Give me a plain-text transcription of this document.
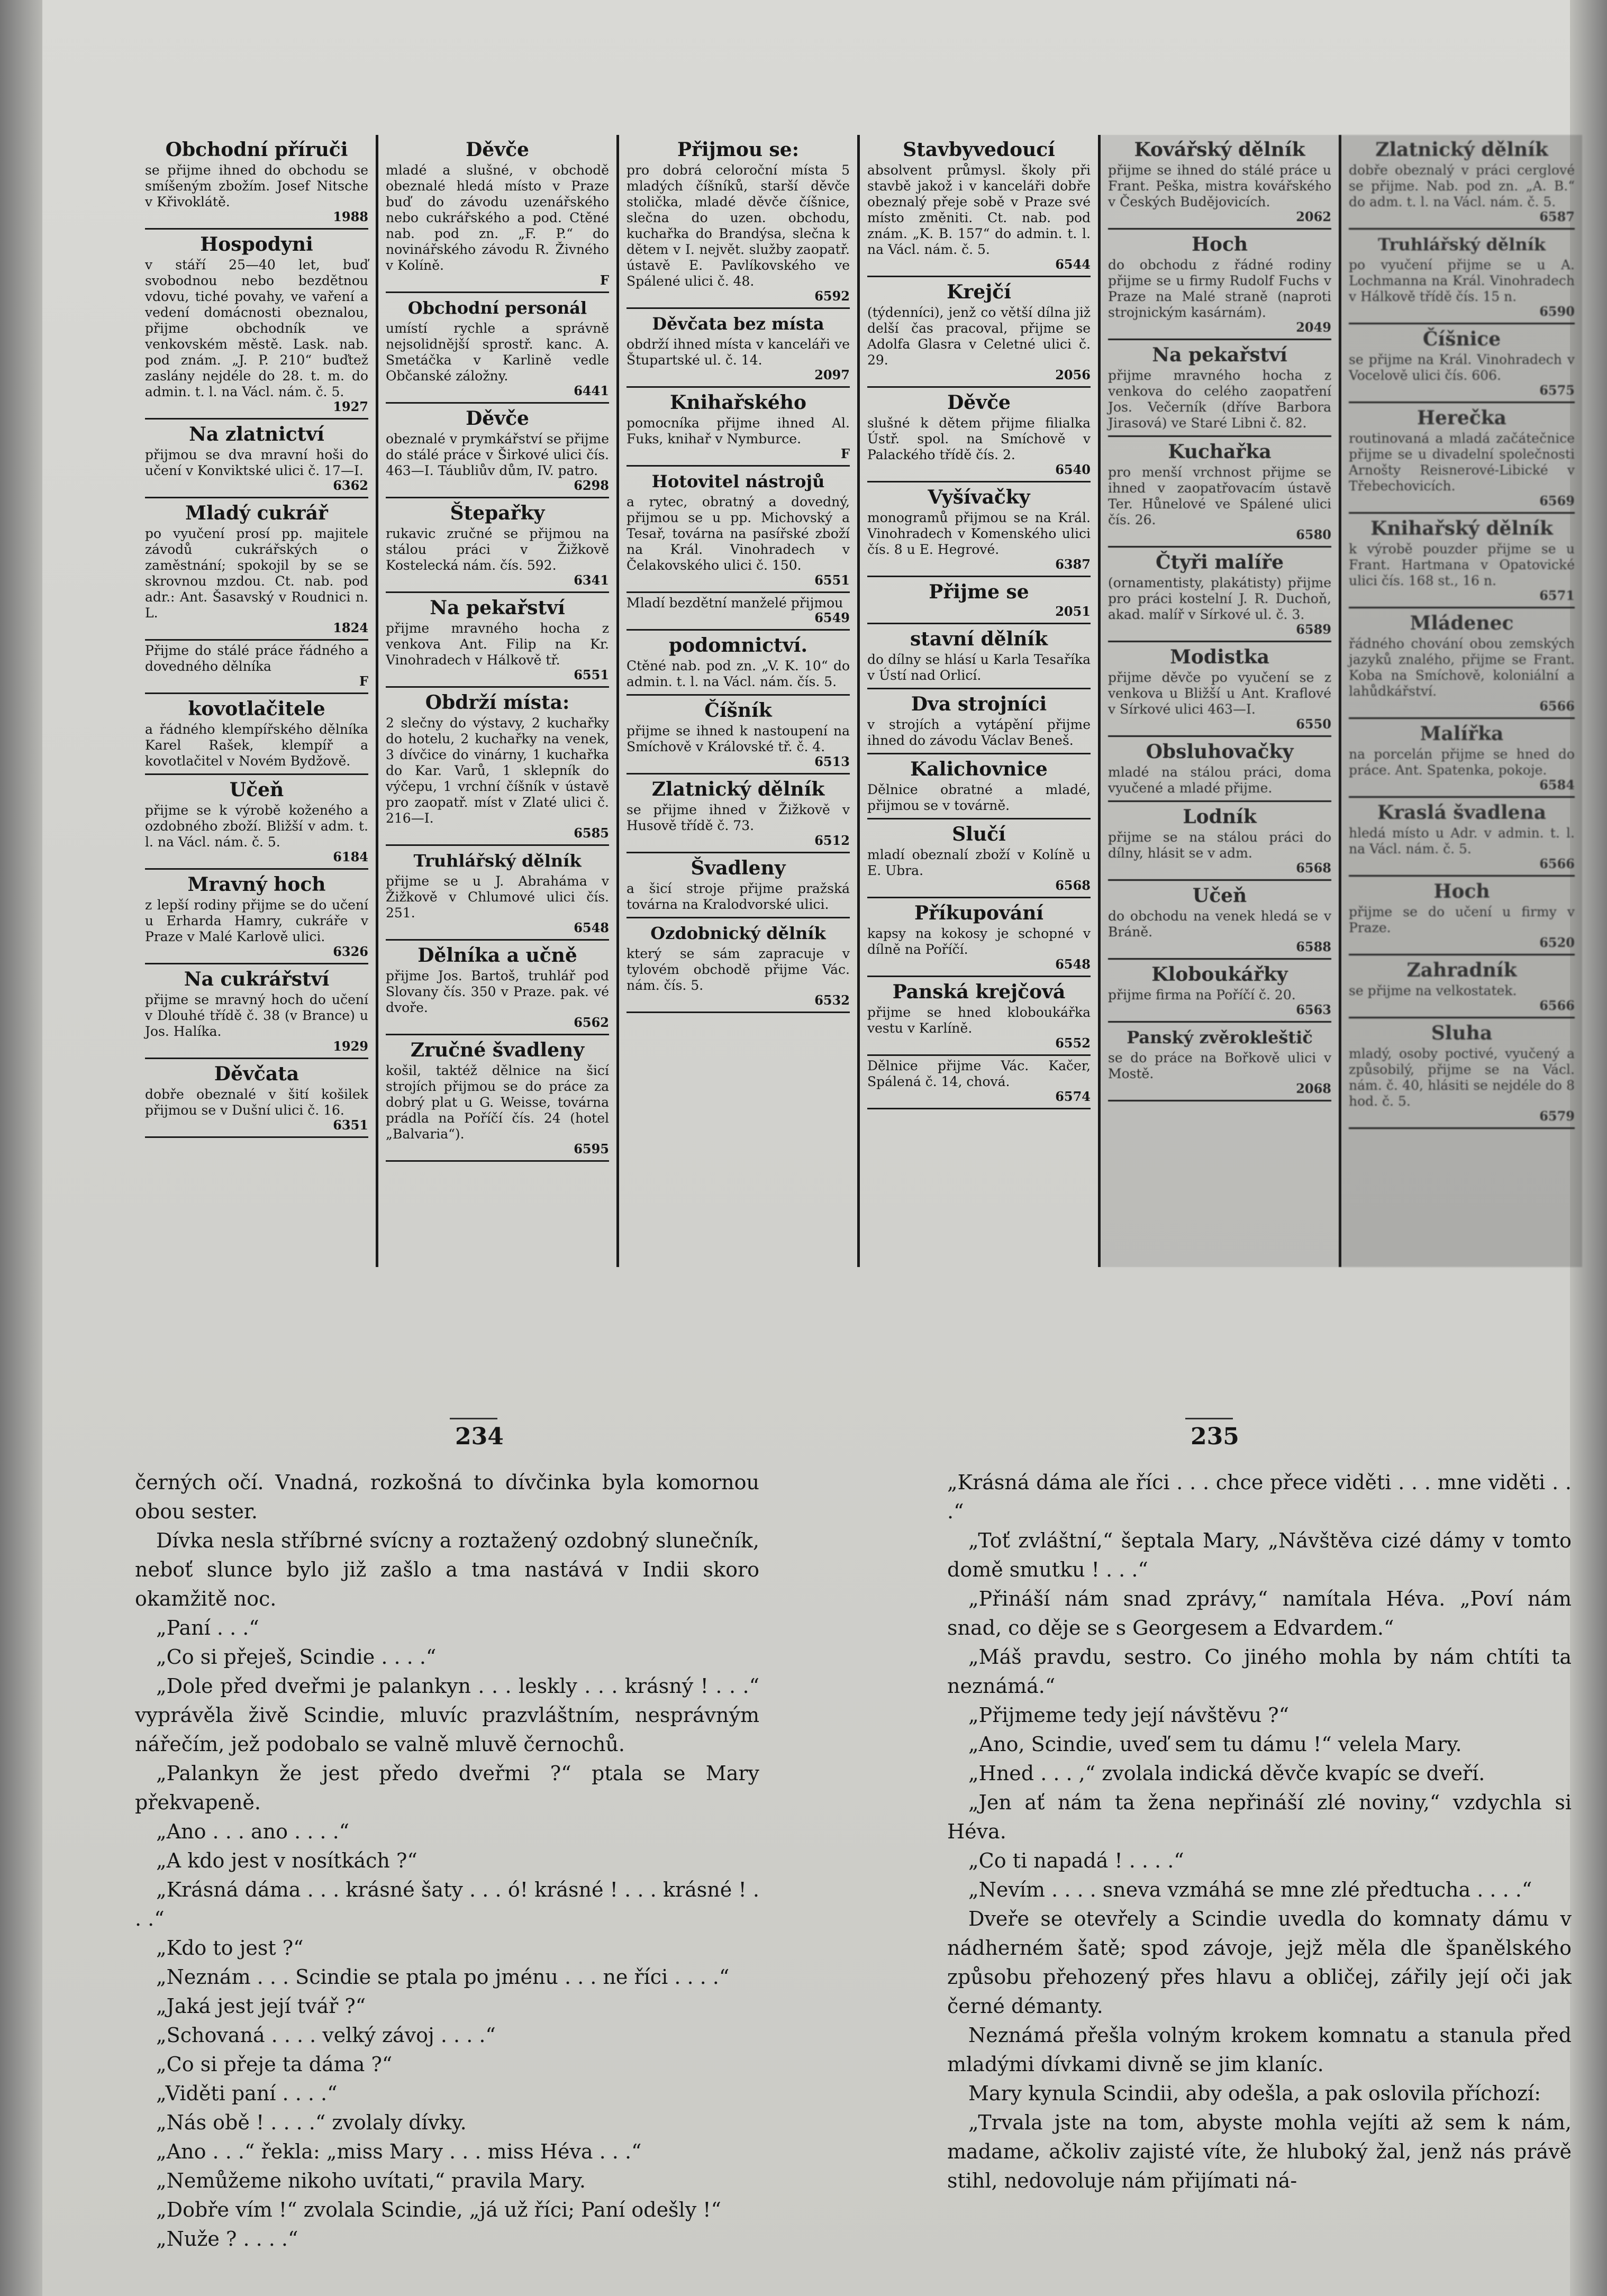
Obchodní příruči
se přijme ihned do obchodu se smíšeným zbožím. Josef Nitsche v Křivoklátě.
1988
Hospodyni
v stáří 25—40 let, buď svobodnou nebo bezdětnou vdovu, tiché povahy, ve vaření a vedení domácnosti obeznalou, přijme obchodník ve venkovském městě. Lask. nab. pod znám. „J. P. 210“ buďtež zaslány nejdéle do 28. t. m. do admin. t. l. na Václ. nám. č. 5.
1927
Na zlatnictví
přijmou se dva mravní hoši do učení v Konviktské ulici č. 17—I.
6362
Mladý cukrář
po vyučení prosí pp. majitele závodů cukrářských o zaměstnání; spokojil by se se skrovnou mzdou. Ct. nab. pod adr.: Ant. Šasavský v Roudnici n. L.
1824
Přijme do stálé práce řádného a dovedného dělníka
F
kovotlačitele
a řádného klempířského dělníka Karel Rašek, klempíř a kovotlačitel v Novém Bydžově.
Učeň
přijme se k výrobě koženého a ozdobného zboží. Bližší v adm. t. l. na Václ. nám. č. 5.
6184
Mravný hoch
z lepší rodiny přijme se do učení u Erharda Hamry, cukráře v Praze v Malé Karlově ulici.
6326
Na cukrářství
přijme se mravný hoch do učení v Dlouhé třídě č. 38 (v Brance) u Jos. Halíka.
1929
Děvčata
dobře obeznalé v šití košilek přijmou se v Dušní ulici č. 16.
6351
Děvče
mladé a slušné, v obchodě obeznalé hledá místo v Praze buď do závodu uzenářského nebo cukrářského a pod. Ctěné nab. pod zn. „F. P.“ do novinářského závodu R. Živného v Kolíně.
F
Obchodní personál
umístí rychle a správně nejsolidnější sprostř. kanc. A. Smetáčka v Karlině vedle Občanské záložny.
6441
Děvče
obeznalé v prymkářství se přijme do stálé práce v Širkové ulici čís. 463—I. Táubliův dům, IV. patro.
6298
Štepařky
rukavic zručné se přijmou na stálou práci v Žižkově Kostelecká nám. čís. 592.
6341
Na pekařství
přijme mravného hocha z venkova Ant. Filip na Kr. Vinohradech v Hálkově tř.
6551
Obdrží místa:
2 slečny do výstavy, 2 kuchařky do hotelu, 2 kuchařky na venek, 3 dívčice do vinárny, 1 kuchařka do Kar. Varů, 1 sklepník do výčepu, 1 vrchní číšník v ústavě pro zaopatř. míst v Zlaté ulici č. 216—I.
6585
Truhlářský dělník
přijme se u J. Abraháma v Žižkově v Chlumové ulici čís. 251.
6548
Dělníka a učně
přijme Jos. Bartoš, truhlář pod Slovany čís. 350 v Praze. pak. vé dvoře.
6562
Zručné švadleny
košil, taktéž dělnice na šicí strojích přijmou se do práce za dobrý plat u G. Weisse, továrna prádla na Poříčí čís. 24 (hotel „Balvaria“).
6595
Přijmou se:
pro dobrá celoroční místa 5 mladých číšníků, starší děvče stolička, mladé děvče číšnice, slečna do uzen. obchodu, kuchařka do Brandýsa, slečna k dětem v I. největ. služby zaopatř. ústavě E. Pavlíkovského ve Spálené ulici č. 48.
6592
Děvčata bez místa
obdrží ihned místa v kanceláři ve Štupartské ul. č. 14.
2097
Knihařského
pomocníka přijme ihned Al. Fuks, knihař v Nymburce.
F
Hotovitel nástrojů
a rytec, obratný a dovedný, přijmou se u pp. Michovský a Tesař, továrna na pasířské zboží na Král. Vinohradech v Čelakovského ulici č. 150.
6551
Mladí bezdětní manželé přijmou
6549
podomnictví.
Ctěné nab. pod zn. „V. K. 10“ do admin. t. l. na Václ. nám. čís. 5.
Číšník
přijme se ihned k nastoupení na Smíchově v Královské tř. č. 4.
6513
Zlatnický dělník
se přijme ihned v Žižkově v Husově třídě č. 73.
6512
Švadleny
a šicí stroje přijme pražská továrna na Kralodvorské ulici.
Ozdobnický dělník
který se sám zapracuje v tylovém obchodě přijme Vác. nám. čís. 5.
6532
Stavbyvedoucí
absolvent průmysl. školy při stavbě jakož i v kanceláři dobře obeznalý přeje sobě v Praze své místo změniti. Ct. nab. pod znám. „K. B. 157“ do admin. t. l. na Václ. nám. č. 5.
6544
Krejčí
(týdenníci), jenž co větší dílna již delší čas pracoval, přijme se Adolfa Glasra v Celetné ulici č. 29.
2056
Děvče
slušné k dětem přijme filialka Ústř. spol. na Smíchově v Palackého třídě čís. 2.
6540
Vyšívačky
monogramů přijmou se na Král. Vinohradech v Komenského ulici čís. 8 u E. Hegrové.
6387
Přijme se
2051
stavní dělník
do dílny se hlásí u Karla Tesaříka v Ústí nad Orlicí.
Dva strojníci
v strojích a vytápění přijme ihned do závodu Václav Beneš.
Kalichovnice
Dělnice obratné a mladé, přijmou se v továrně.
Slučí
mladí obeznalí zboží v Kolíně u E. Ubra.
6568
Příkupování
kapsy na kokosy je schopné v dílně na Poříčí.
6548
Panská krejčová
přijme se hned kloboukářka vestu v Karlíně.
6552
Dělnice přijme Vác. Kačer, Spálená č. 14, chová.
6574
Kovářský dělník
přijme se ihned do stálé práce u Frant. Peška, mistra kovářského v Českých Budějovicích.
2062
Hoch
do obchodu z řádné rodiny přijme se u firmy Rudolf Fuchs v Praze na Malé straně (naproti strojnickým kasárnám).
2049
Na pekařství
přijme mravného hocha z venkova do celého zaopatření Jos. Večerník (dříve Barbora Jirasová) ve Staré Libni č. 82.
Kuchařka
pro menší vrchnost přijme se ihned v zaopatřovacím ústavě Ter. Hůnelové ve Spálené ulici čís. 26.
6580
Čtyři malíře
(ornamentisty, plakátisty) přijme pro práci kostelní J. R. Duchoň, akad. malíř v Sírkové ul. č. 3.
6589
Modistka
přijme děvče po vyučení se z venkova u Bližší u Ant. Kraflové v Sírkové ulici 463—I.
6550
Obsluhovačky
mladé na stálou práci, doma vyučené a mladé přijme.
Lodník
přijme se na stálou práci do dílny, hlásit se v adm.
6568
Učeň
do obchodu na venek hledá se v Bráně.
6588
Kloboukářky
přijme firma na Poříčí č. 20.
6563
Panský zvěrokleštič
se do práce na Bořkově ulici v Mostě.
2068
Zlatnický dělník
dobře obeznalý v práci cerglové se přijme. Nab. pod zn. „A. B.“ do adm. t. l. na Václ. nám. č. 5.
6587
Truhlářský dělník
po vyučení přijme se u A. Lochmanna na Král. Vinohradech v Hálkově třídě čís. 15 n.
6590
Číšnice
se přijme na Král. Vinohradech v Vocelově ulici čís. 606.
6575
Herečka
routinovaná a mladá začátečnice přijme se u divadelní společnosti Arnošty Reisnerové-Libické v Třebechovicích.
6569
Knihařský dělník
k výrobě pouzder přijme se u Frant. Hartmana v Opatovické ulici čís. 168 st., 16 n.
6571
Mládenec
řádného chování obou zemských jazyků znalého, přijme se Frant. Koba na Smíchově, koloniální a lahůdkářství.
6566
Malířka
na porcelán přijme se hned do práce. Ant. Spatenka, pokoje.
6584
Kraslá švadlena
hledá místo u Adr. v admin. t. l. na Václ. nám. č. 5.
6566
Hoch
přijme se do učení u firmy v Praze.
6520
Zahradník
se přijme na velkostatek.
6566
Sluha
mladý, osoby poctivé, vyučený a způsobilý, přijme se na Václ. nám. č. 40, hlásiti se nejdéle do 8 hod. č. 5.
6579
234	235

černých očí. Vnadná, rozkošná to dívčinka byla komornou obou sester.

Dívka nesla stříbrné svícny a roztažený ozdobný slunečník, neboť slunce bylo již zašlo a tma nastává v Indii skoro okamžitě noc.

„Paní . . .“

„Co si přeješ, Scindie . . . .“

„Dole před dveřmi je palankyn . . . leskly . . . krásný ! . . .“ vyprávěla živě Scindie, mluvíc prazvláštním, nesprávným nářečím, jež podobalo se valně mluvě černochů.

„Palankyn že jest předo dveřmi ?“ ptala se Mary překvapeně.

„Ano . . . ano . . . .“

„A kdo jest v nosítkách ?“

„Krásná dáma . . . krásné šaty . . . ó! krásné ! . . . krásné ! . . .“

„Kdo to jest ?“

„Neznám . . . Scindie se ptala po jménu . . . ne říci . . . .“

„Jaká jest její tvář ?“

„Schovaná . . . . velký závoj . . . .“

„Co si přeje ta dáma ?“

„Viděti paní . . . .“

„Nás obě ! . . . .“ zvolaly dívky.

„Ano . . .“ řekla: „miss Mary . . . miss Héva . . .“

„Nemůžeme nikoho uvítati,“ pravila Mary.

„Dobře vím !“ zvolala Scindie, „já už říci; Paní odešly !“

„Nuže ? . . . .“

„Krásná dáma ale říci . . . chce přece viděti . . . mne viděti . . .“

„Toť zvláštní,“ šeptala Mary, „Návštěva cizé dámy v tomto domě smutku ! . . .“

„Přináší nám snad zprávy,“ namítala Héva. „Poví nám snad, co děje se s Georgesem a Edvardem.“

„Máš pravdu, sestro. Co jiného mohla by nám chtíti ta neznámá.“

„Přijmeme tedy její návštěvu ?“

„Ano, Scindie, uveď sem tu dámu !“ velela Mary.

„Hned . . . ,“ zvolala indická děvče kvapíc se dveří.

„Jen ať nám ta žena nepřináší zlé noviny,“ vzdychla si Héva.

„Co ti napadá ! . . . .“

„Nevím . . . . sneva vzmáhá se mne zlé předtucha . . . .“

Dveře se otevřely a Scindie uvedla do komnaty dámu v nádherném šatě; spod závoje, jejž měla dle španělského způsobu přehozený přes hlavu a obličej, zářily její oči jak černé démanty.

Neznámá přešla volným krokem komnatu a stanula před mladými dívkami divně se jim klaníc.

Mary kynula Scindii, aby odešla, a pak oslovila příchozí:

„Trvala jste na tom, abyste mohla vejíti až sem k nám, madame, ačkoliv zajisté víte, že hluboký žal, jenž nás právě stihl, nedovoluje nám přijímati ná-
